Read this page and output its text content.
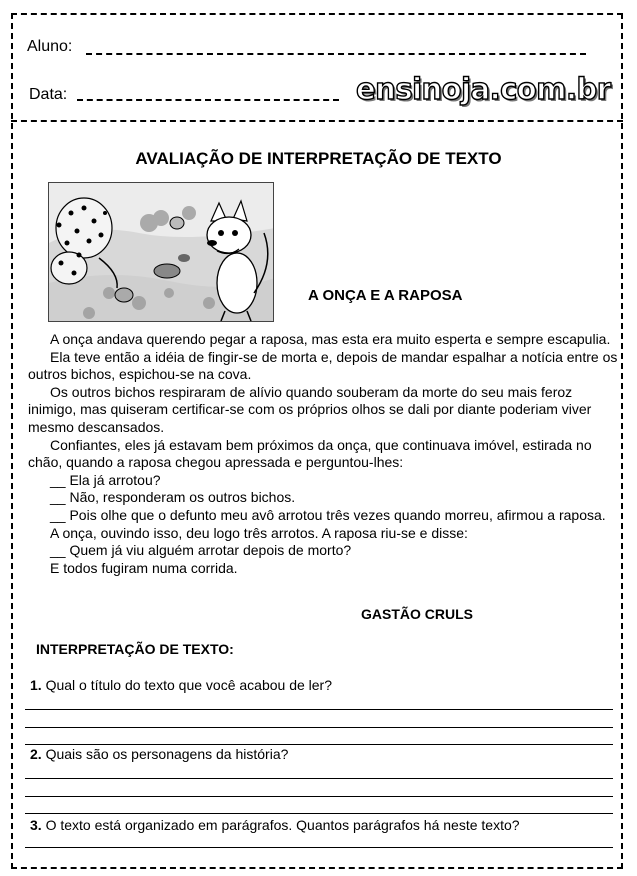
Aluno:
Data:	ensinoja.com.br
AVALIAÇÃO DE INTERPRETAÇÃO DE TEXTO
A ONÇA E A RAPOSA

A onça andava querendo pegar a raposa, mas esta era muito esperta e sempre escapulia.

Ela teve então a idéia de fingir-se de morta e, depois de mandar espalhar a notícia entre os outros bichos, espichou-se na cova.

Os outros bichos respiraram de alívio quando souberam da morte do seu mais feroz inimigo, mas quiseram certificar-se com os próprios olhos se dali por diante poderiam viver mesmo descansados.

Confiantes, eles já estavam bem próximos da onça, que continuava imóvel, estirada no chão, quando a raposa chegou apressada e perguntou-lhes:

__ Ela já arrotou?

__ Não, responderam os outros bichos.

__ Pois olhe que o defunto meu avô arrotou três vezes quando morreu, afirmou a raposa.

A onça, ouvindo isso, deu logo três arrotos. A raposa riu-se e disse:

__ Quem já viu alguém arrotar depois de morto?

E todos fugiram numa corrida.

GASTÃO CRULS
INTERPRETAÇÃO DE TEXTO:
1. Qual o título do texto que você acabou de ler?
2. Quais são os personagens da história?
3. O texto está organizado em parágrafos. Quantos parágrafos há neste texto?
